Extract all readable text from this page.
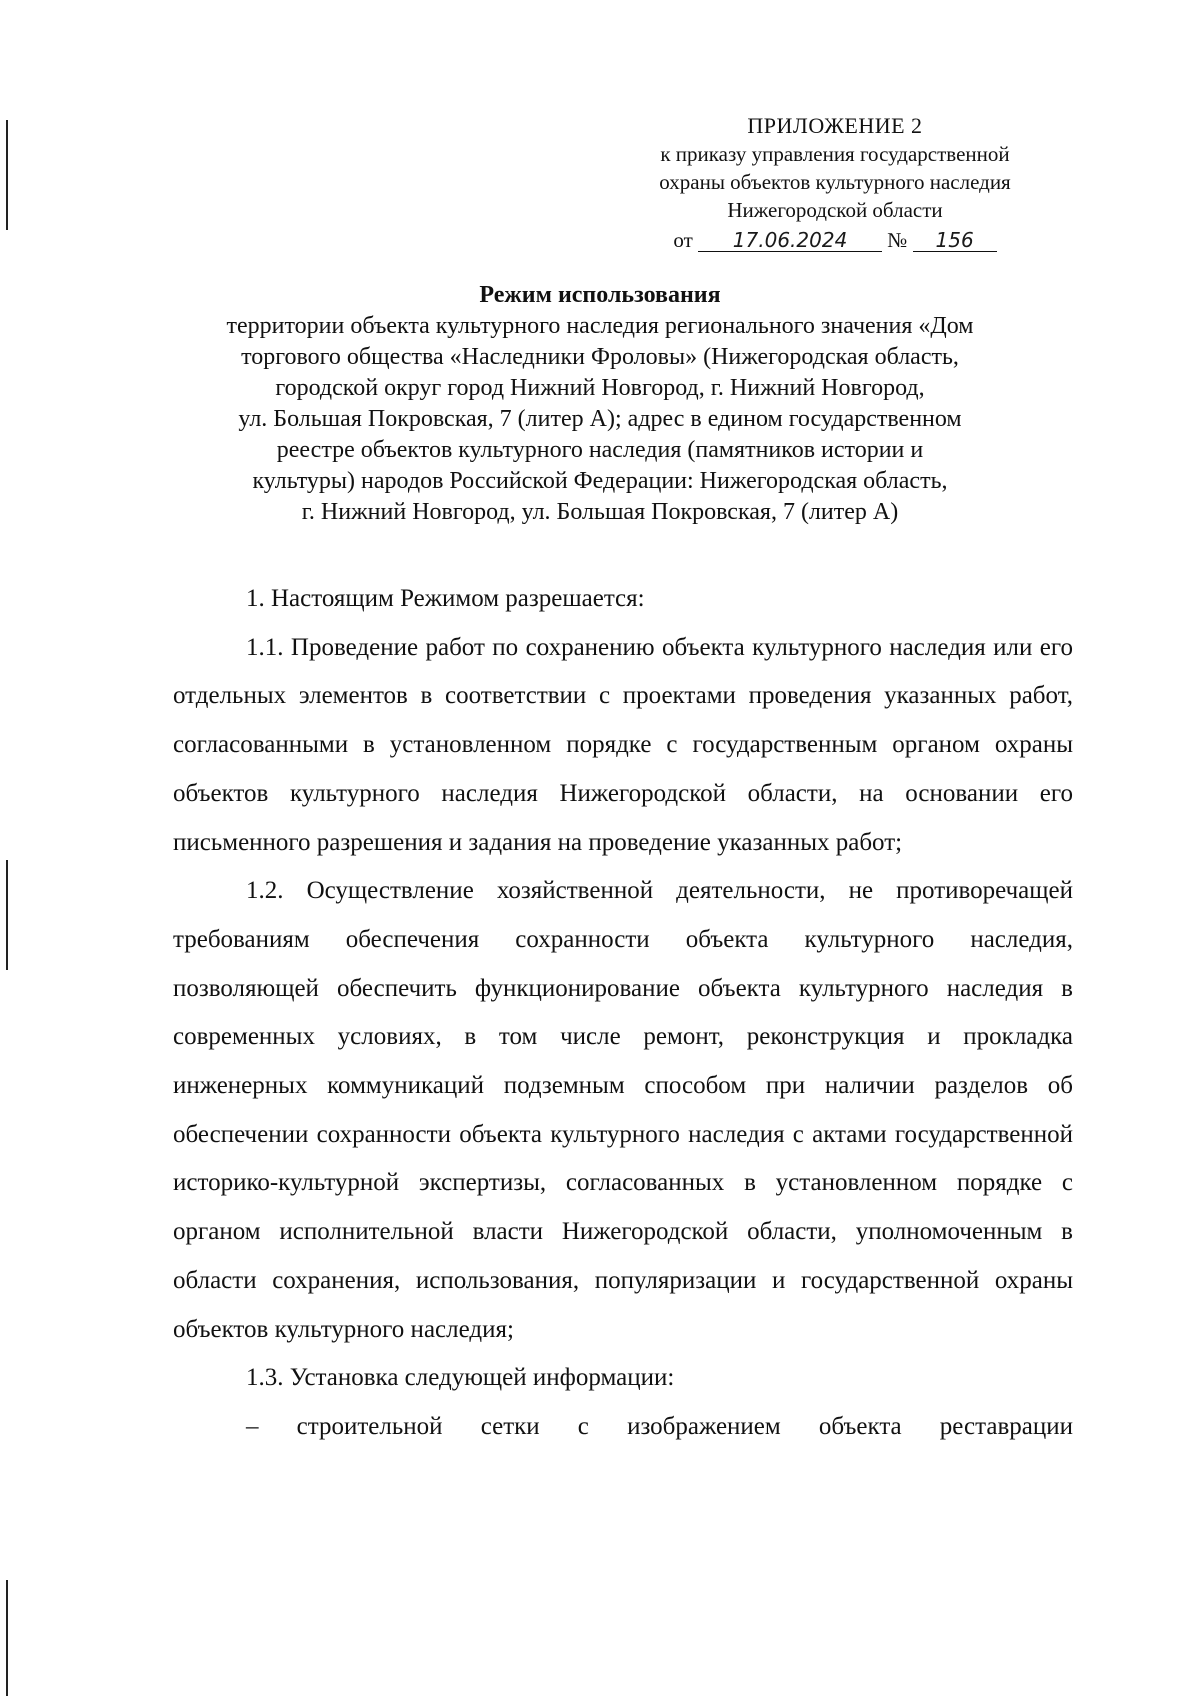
ПРИЛОЖЕНИЕ 2
к приказу управления государственной
охраны объектов культурного наследия
Нижегородской области
от 17.06.2024 № 156
Режим использования
территории объекта культурного наследия регионального значения «Дом
торгового общества «Наследники Фроловы» (Нижегородская область,
городской округ город Нижний Новгород, г. Нижний Новгород,
ул. Большая Покровская, 7 (литер А); адрес в едином государственном
реестре объектов культурного наследия (памятников истории и
культуры) народов Российской Федерации: Нижегородская область,
г. Нижний Новгород, ул. Большая Покровская, 7 (литер А)

1. Настоящим Режимом разрешается:

1.1. Проведение работ по сохранению объекта культурного наследия или его отдельных элементов в соответствии с проектами проведения указанных работ, согласованными в установленном порядке с государственным органом охраны объектов культурного наследия Нижегородской области, на основании его письменного разрешения и задания на проведение указанных работ;

1.2. Осуществление хозяйственной деятельности, не противоречащей требованиям обеспечения сохранности объекта культурного наследия, позволяющей обеспечить функционирование объекта культурного наследия в современных условиях, в том числе ремонт, реконструкция и прокладка инженерных коммуникаций подземным способом при наличии разделов об обеспечении сохранности объекта культурного наследия с актами государственной историко-культурной экспертизы, согласованных в установленном порядке с органом исполнительной власти Нижегородской области, уполномоченным в области сохранения, использования, популяризации и государственной охраны объектов культурного наследия;

1.3. Установка следующей информации:

– строительной сетки с изображением объекта реставрации
